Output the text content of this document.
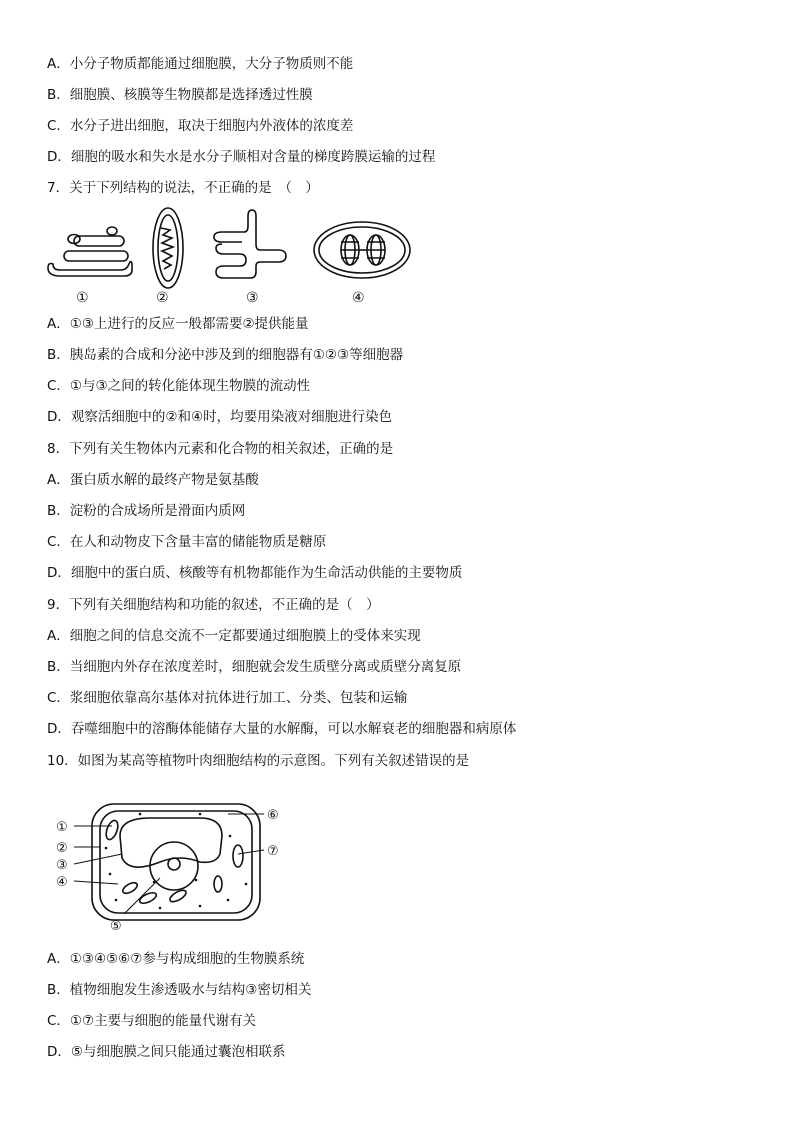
A．小分子物质都能通过细胞膜，大分子物质则不能
B．细胞膜、核膜等生物膜都是选择透过性膜
C．水分子进出细胞，取决于细胞内外液体的浓度差
D．细胞的吸水和失水是水分子顺相对含量的梯度跨膜运输的过程
7．关于下列结构的说法，不正确的是　（　）
①	②	③	④
A．①③上进行的反应一般都需要②提供能量
B．胰岛素的合成和分泌中涉及到的细胞器有①②③等细胞器
C．①与③之间的转化能体现生物膜的流动性
D．观察活细胞中的②和④时，均要用染液对细胞进行染色
8．下列有关生物体内元素和化合物的相关叙述，正确的是
A．蛋白质水解的最终产物是氨基酸
B．淀粉的合成场所是滑面内质网
C．在人和动物皮下含量丰富的储能物质是糖原
D．细胞中的蛋白质、核酸等有机物都能作为生命活动供能的主要物质
9．下列有关细胞结构和功能的叙述，不正确的是（　）
A．细胞之间的信息交流不一定都要通过细胞膜上的受体来实现
B．当细胞内外存在浓度差时，细胞就会发生质壁分离或质壁分离复原
C．浆细胞依靠高尔基体对抗体进行加工、分类、包装和运输
D．吞噬细胞中的溶酶体能储存大量的水解酶，可以水解衰老的细胞器和病原体
10．如图为某高等植物叶肉细胞结构的示意图。下列有关叙述错误的是
①
②
③
④
⑤
⑥
⑦
A．①③④⑤⑥⑦参与构成细胞的生物膜系统
B．植物细胞发生渗透吸水与结构③密切相关
C．①⑦主要与细胞的能量代谢有关
D．⑤与细胞膜之间只能通过囊泡相联系
